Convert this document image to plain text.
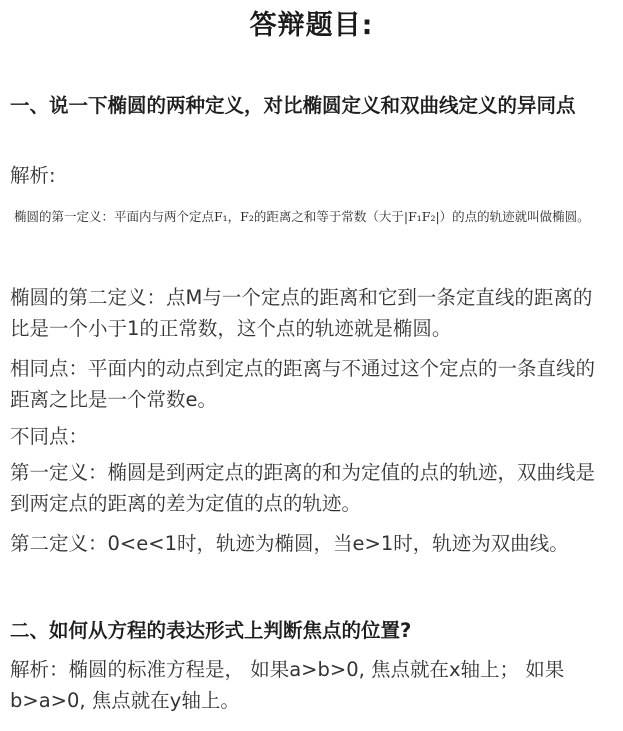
答辩题目:
一、说一下椭圆的两种定义，对比椭圆定义和双曲线定义的异同点
解析:
椭圆的第一定义：平面内与两个定点F₁，F₂的距离之和等于常数（大于|F₁F₂|）的点的轨迹就叫做椭圆。
椭圆的第二定义：点M与一个定点的距离和它到一条定直线的距离的比是一个小于1的正常数，这个点的轨迹就是椭圆。
相同点：平面内的动点到定点的距离与不通过这个定点的一条直线的距离之比是一个常数e。
不同点：
第一定义：椭圆是到两定点的距离的和为定值的点的轨迹，双曲线是到两定点的距离的差为定值的点的轨迹。
第二定义：0<e<1时，轨迹为椭圆，当e>1时，轨迹为双曲线。
二、如何从方程的表达形式上判断焦点的位置?
解析：椭圆的标准方程是， 如果a>b>0, 焦点就在x轴上； 如果b>a>0, 焦点就在y轴上。
